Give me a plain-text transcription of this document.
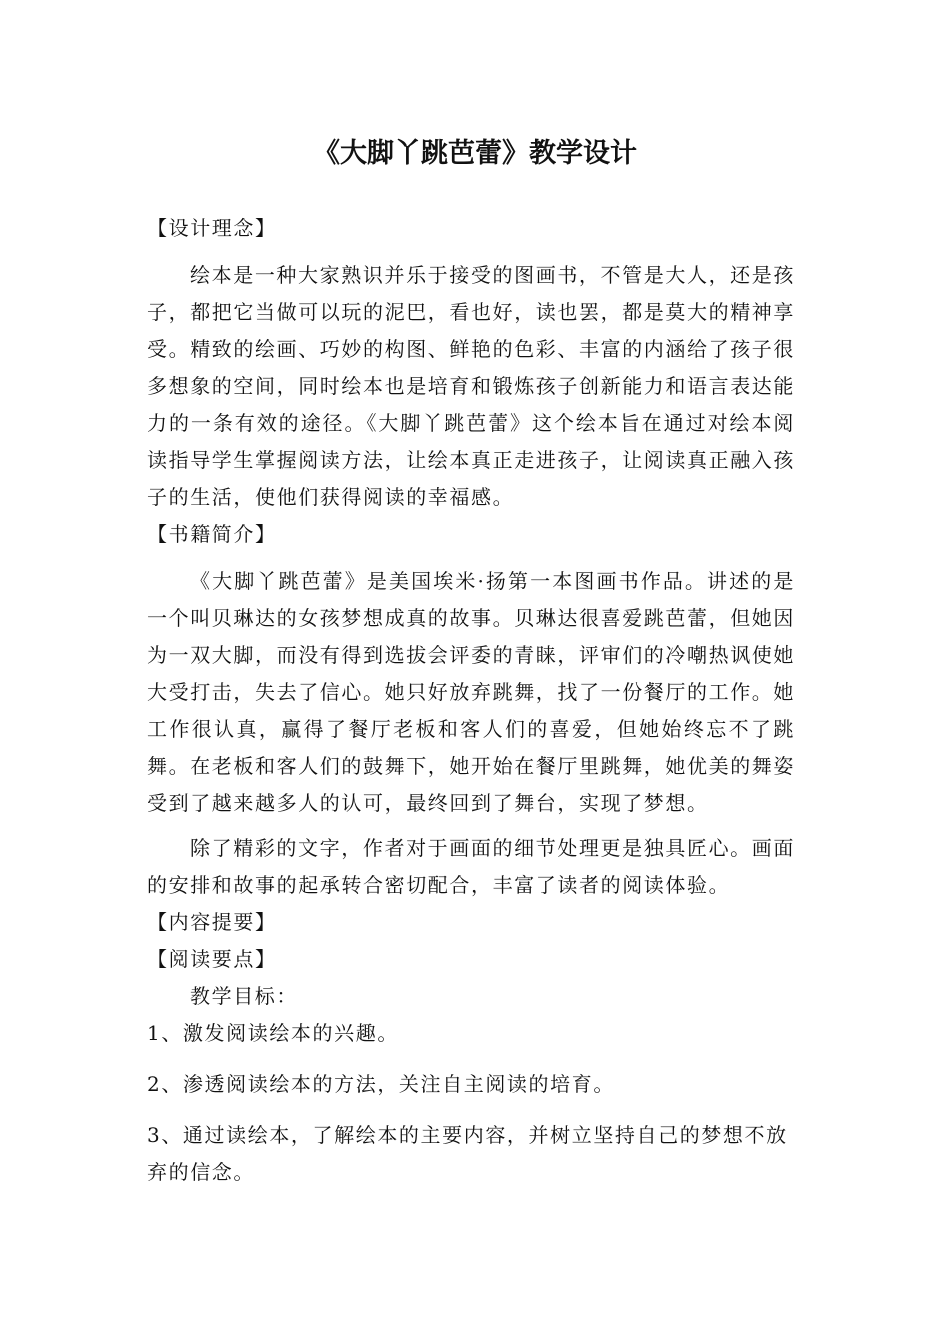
《大脚丫跳芭蕾》教学设计

【设计理念】

绘本是一种大家熟识并乐于接受的图画书，不管是大人，还是孩子，都把它当做可以玩的泥巴，看也好，读也罢，都是莫大的精神享受。精致的绘画、巧妙的构图、鲜艳的色彩、丰富的内涵给了孩子很多想象的空间，同时绘本也是培育和锻炼孩子创新能力和语言表达能力的一条有效的途径。《大脚丫跳芭蕾》这个绘本旨在通过对绘本阅读指导学生掌握阅读方法，让绘本真正走进孩子，让阅读真正融入孩子的生活，使他们获得阅读的幸福感。

【书籍简介】

《大脚丫跳芭蕾》是美国埃米·扬第一本图画书作品。讲述的是一个叫贝琳达的女孩梦想成真的故事。贝琳达很喜爱跳芭蕾，但她因为一双大脚，而没有得到选拔会评委的青睐，评审们的冷嘲热讽使她大受打击，失去了信心。她只好放弃跳舞，找了一份餐厅的工作。她工作很认真，赢得了餐厅老板和客人们的喜爱，但她始终忘不了跳舞。在老板和客人们的鼓舞下，她开始在餐厅里跳舞，她优美的舞姿受到了越来越多人的认可，最终回到了舞台，实现了梦想。

除了精彩的文字，作者对于画面的细节处理更是独具匠心。画面的安排和故事的起承转合密切配合，丰富了读者的阅读体验。

【内容提要】

【阅读要点】

教学目标：

1、激发阅读绘本的兴趣。

2、渗透阅读绘本的方法，关注自主阅读的培育。

3、通过读绘本，了解绘本的主要内容，并树立坚持自己的梦想不放弃的信念。
